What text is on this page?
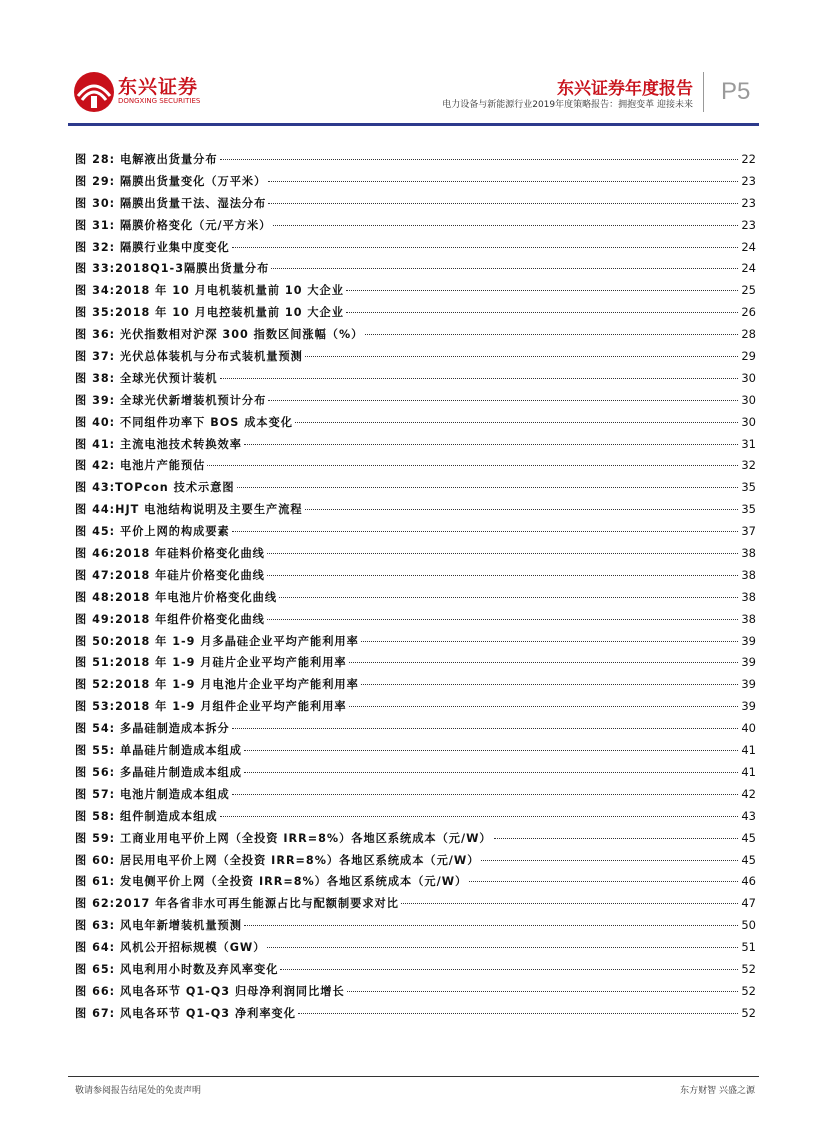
东兴证券
DONGXING SECURITIES
东兴证券年度报告
电力设备与新能源行业2019年度策略报告：拥抱变革 迎接未来 P5
图 28: 电解液出货量分布	22
图 29: 隔膜出货量变化（万平米）	23
图 30: 隔膜出货量干法、湿法分布	23
图 31: 隔膜价格变化（元/平方米）	23
图 32: 隔膜行业集中度变化	24
图 33:2018Q1-3隔膜出货量分布	24
图 34:2018 年 10 月电机装机量前 10 大企业	25
图 35:2018 年 10 月电控装机量前 10 大企业	26
图 36: 光伏指数相对沪深 300 指数区间涨幅（%）	28
图 37: 光伏总体装机与分布式装机量预测	29
图 38: 全球光伏预计装机	30
图 39: 全球光伏新增装机预计分布	30
图 40: 不同组件功率下 BOS 成本变化	30
图 41: 主流电池技术转换效率	31
图 42: 电池片产能预估	32
图 43:TOPcon 技术示意图	35
图 44:HJT 电池结构说明及主要生产流程	35
图 45: 平价上网的构成要素	37
图 46:2018 年硅料价格变化曲线	38
图 47:2018 年硅片价格变化曲线	38
图 48:2018 年电池片价格变化曲线	38
图 49:2018 年组件价格变化曲线	38
图 50:2018 年 1-9 月多晶硅企业平均产能利用率	39
图 51:2018 年 1-9 月硅片企业平均产能利用率	39
图 52:2018 年 1-9 月电池片企业平均产能利用率	39
图 53:2018 年 1-9 月组件企业平均产能利用率	39
图 54: 多晶硅制造成本拆分	40
图 55: 单晶硅片制造成本组成	41
图 56: 多晶硅片制造成本组成	41
图 57: 电池片制造成本组成	42
图 58: 组件制造成本组成	43
图 59: 工商业用电平价上网（全投资 IRR=8%）各地区系统成本（元/W）	45
图 60: 居民用电平价上网（全投资 IRR=8%）各地区系统成本（元/W）	45
图 61: 发电侧平价上网（全投资 IRR=8%）各地区系统成本（元/W）	46
图 62:2017 年各省非水可再生能源占比与配额制要求对比	47
图 63: 风电年新增装机量预测	50
图 64: 风机公开招标规模（GW）	51
图 65: 风电利用小时数及弃风率变化	52
图 66: 风电各环节 Q1-Q3 归母净利润同比增长	52
图 67: 风电各环节 Q1-Q3 净利率变化	52
敬请参阅报告结尾处的免责声明	东方财智 兴盛之源
